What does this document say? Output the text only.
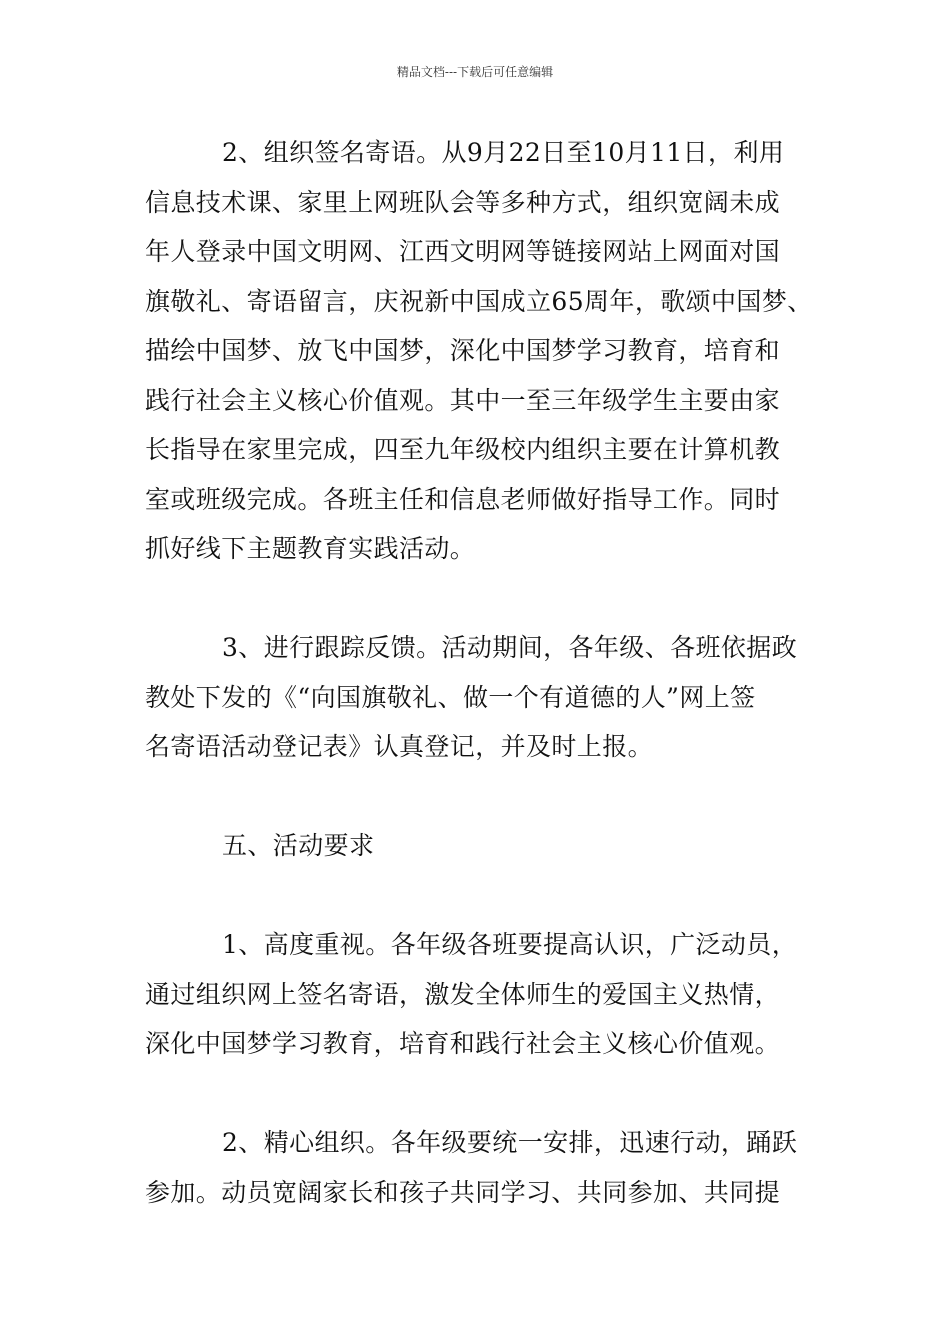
精品文档---下载后可任意编辑

2、组织签名寄语。从9月22日至10月11日，利用
信息技术课、家里上网班队会等多种方式，组织宽阔未成
年人登录中国文明网、江西文明网等链接网站上网面对国
旗敬礼、寄语留言，庆祝新中国成立65周年，歌颂中国梦、
描绘中国梦、放飞中国梦，深化中国梦学习教育，培育和
践行社会主义核心价值观。其中一至三年级学生主要由家
长指导在家里完成，四至九年级校内组织主要在计算机教
室或班级完成。各班主任和信息老师做好指导工作。同时
抓好线下主题教育实践活动。

3、进行跟踪反馈。活动期间，各年级、各班依据政
教处下发的《“向国旗敬礼、做一个有道德的人”网上签
名寄语活动登记表》认真登记，并及时上报。

五、活动要求

1、高度重视。各年级各班要提高认识，广泛动员，
通过组织网上签名寄语，激发全体师生的爱国主义热情，
深化中国梦学习教育，培育和践行社会主义核心价值观。

2、精心组织。各年级要统一安排，迅速行动，踊跃
参加。动员宽阔家长和孩子共同学习、共同参加、共同提
